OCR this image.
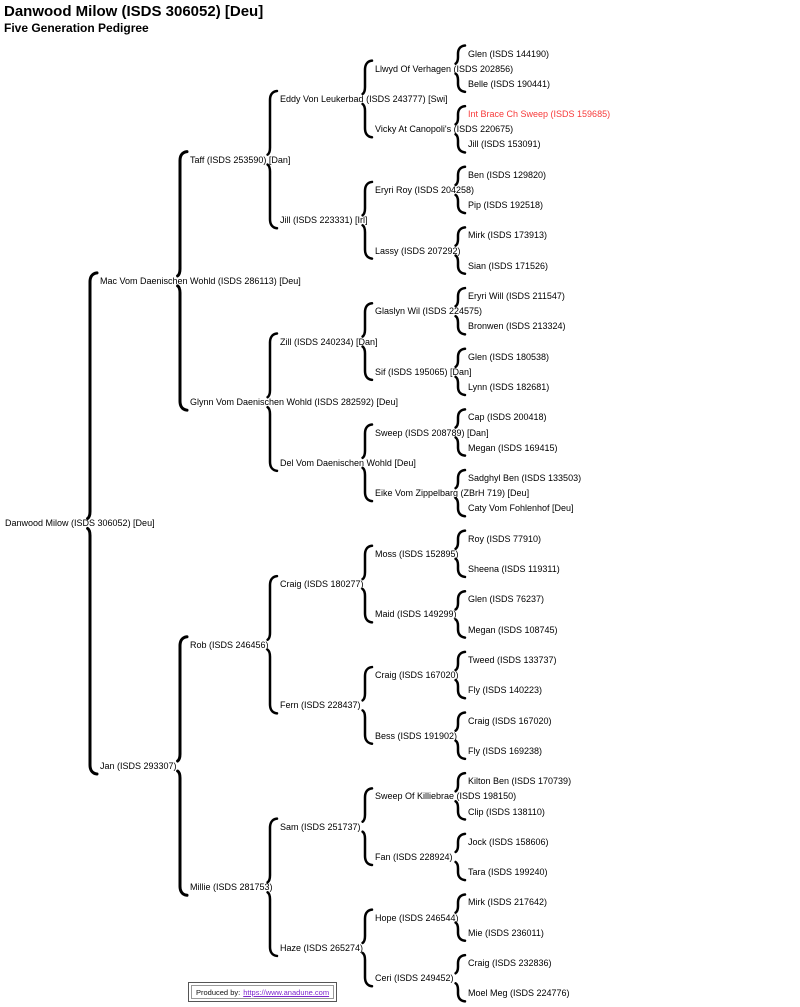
Danwood Milow (ISDS 306052) [Deu]
Five Generation Pedigree
Danwood Milow (ISDS 306052) [Deu]
Mac Vom Daenischen Wohld (ISDS 286113) [Deu]
Jan (ISDS 293307)
Taff (ISDS 253590) [Dan]
Glynn Vom Daenischen Wohld (ISDS 282592) [Deu]
Rob (ISDS 246456)
Millie (ISDS 281753)
Eddy Von Leukerbad (ISDS 243777) [Swi]
Jill (ISDS 223331) [Irl]
Zill (ISDS 240234) [Dan]
Del Vom Daenischen Wohld [Deu]
Craig (ISDS 180277)
Fern (ISDS 228437)
Sam (ISDS 251737)
Haze (ISDS 265274)
Llwyd Of Verhagen (ISDS 202856)
Vicky At Canopoli's (ISDS 220675)
Eryri Roy (ISDS 204258)
Lassy (ISDS 207292)
Glaslyn Wil (ISDS 224575)
Sif (ISDS 195065) [Dan]
Sweep (ISDS 208789) [Dan]
Eike Vom Zippelbarg (ZBrH 719) [Deu]
Moss (ISDS 152895)
Maid (ISDS 149299)
Craig (ISDS 167020)
Bess (ISDS 191902)
Sweep Of Killiebrae (ISDS 198150)
Fan (ISDS 228924)
Hope (ISDS 246544)
Ceri (ISDS 249452)
Glen (ISDS 144190)
Belle (ISDS 190441)
Int Brace Ch Sweep (ISDS 159685)
Jill (ISDS 153091)
Ben (ISDS 129820)
Pip (ISDS 192518)
Mirk (ISDS 173913)
Sian (ISDS 171526)
Eryri Will (ISDS 211547)
Bronwen (ISDS 213324)
Glen (ISDS 180538)
Lynn (ISDS 182681)
Cap (ISDS 200418)
Megan (ISDS 169415)
Sadghyl Ben (ISDS 133503)
Caty Vom Fohlenhof [Deu]
Roy (ISDS 77910)
Sheena (ISDS 119311)
Glen (ISDS 76237)
Megan (ISDS 108745)
Tweed (ISDS 133737)
Fly (ISDS 140223)
Craig (ISDS 167020)
Fly (ISDS 169238)
Kilton Ben (ISDS 170739)
Clip (ISDS 138110)
Jock (ISDS 158606)
Tara (ISDS 199240)
Mirk (ISDS 217642)
Mie (ISDS 236011)
Craig (ISDS 232836)
Moel Meg (ISDS 224776)
Produced by: https://www.anadune.com
